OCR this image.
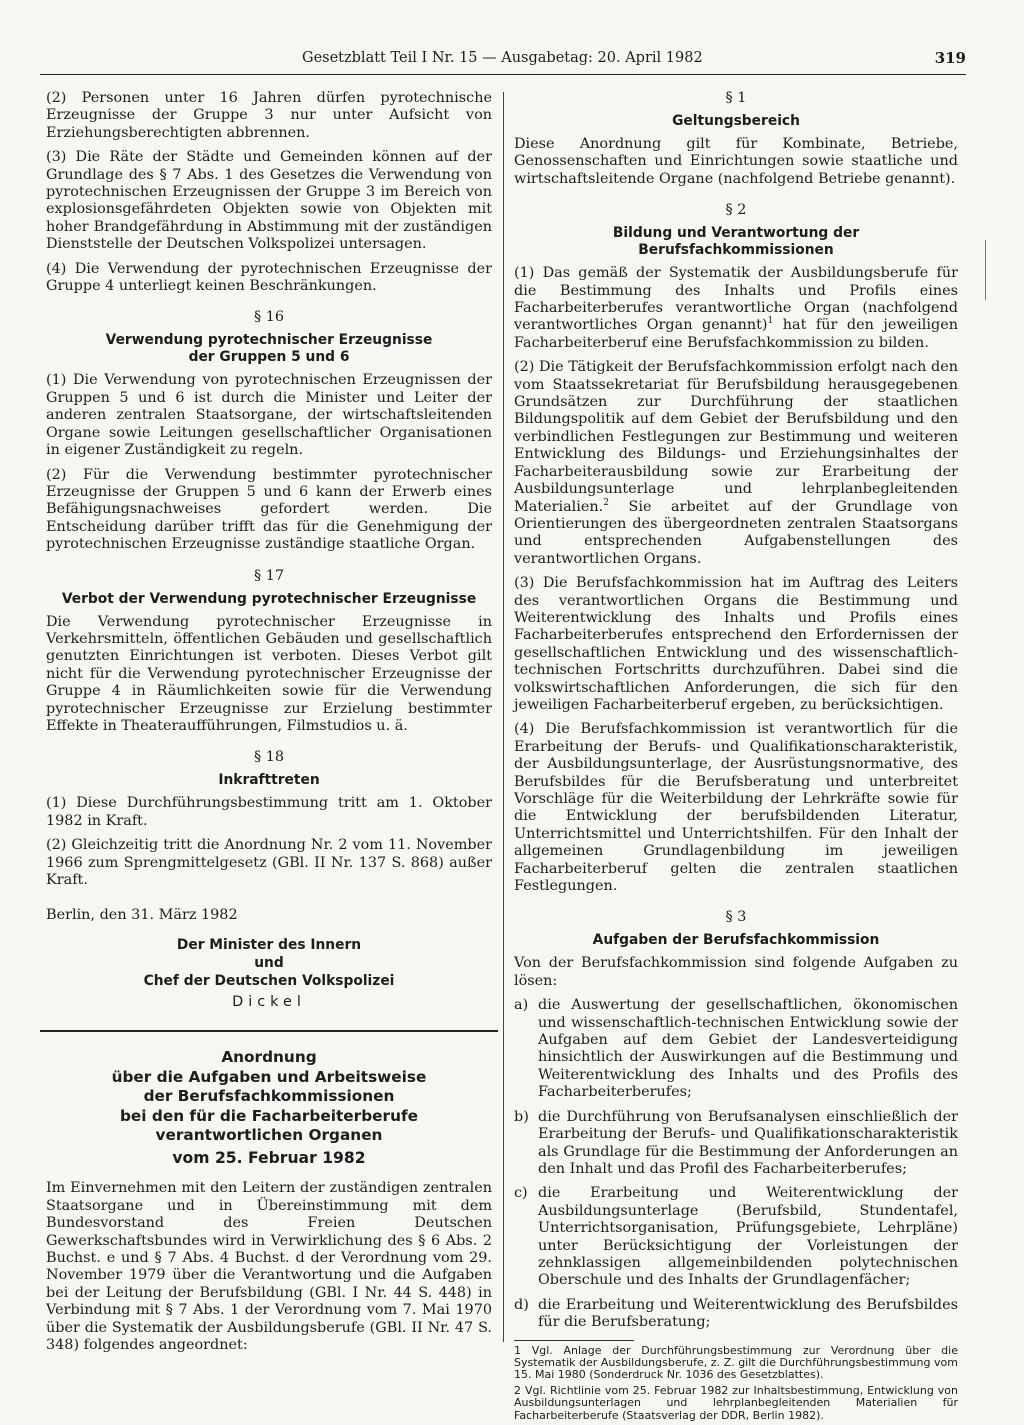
Gesetzblatt Teil I Nr. 15 — Ausgabetag: 20. April 1982	319

(2) Personen unter 16 Jahren dürfen pyrotechnische Erzeugnisse der Gruppe 3 nur unter Aufsicht von Erziehungsberechtigten abbrennen.

(3) Die Räte der Städte und Gemeinden können auf der Grundlage des § 7 Abs. 1 des Gesetzes die Verwendung von pyrotechnischen Erzeugnissen der Gruppe 3 im Bereich von explosionsgefährdeten Objekten sowie von Objekten mit hoher Brandgefährdung in Abstimmung mit der zuständigen Dienststelle der Deutschen Volkspolizei untersagen.

(4) Die Verwendung der pyrotechnischen Erzeugnisse der Gruppe 4 unterliegt keinen Beschränkungen.

§ 16
Verwendung pyrotechnischer Erzeugnisse
der Gruppen 5 und 6

(1) Die Verwendung von pyrotechnischen Erzeugnissen der Gruppen 5 und 6 ist durch die Minister und Leiter der anderen zentralen Staatsorgane, der wirtschaftsleitenden Organe sowie Leitungen gesellschaftlicher Organisationen in eigener Zuständigkeit zu regeln.

(2) Für die Verwendung bestimmter pyrotechnischer Erzeugnisse der Gruppen 5 und 6 kann der Erwerb eines Befähigungsnachweises gefordert werden. Die Entscheidung darüber trifft das für die Genehmigung der pyrotechnischen Erzeugnisse zuständige staatliche Organ.

§ 17
Verbot der Verwendung pyrotechnischer Erzeugnisse

Die Verwendung pyrotechnischer Erzeugnisse in Verkehrsmitteln, öffentlichen Gebäuden und gesellschaftlich genutzten Einrichtungen ist verboten. Dieses Verbot gilt nicht für die Verwendung pyrotechnischer Erzeugnisse der Gruppe 4 in Räumlichkeiten sowie für die Verwendung pyrotechnischer Erzeugnisse zur Erzielung bestimmter Effekte in Theateraufführungen, Filmstudios u. ä.

§ 18
Inkrafttreten

(1) Diese Durchführungsbestimmung tritt am 1. Oktober 1982 in Kraft.

(2) Gleichzeitig tritt die Anordnung Nr. 2 vom 11. November 1966 zum Sprengmittelgesetz (GBl. II Nr. 137 S. 868) außer Kraft.

Berlin, den 31. März 1982
Der Minister des Innern
und
Chef der Deutschen Volkspolizei
Dickel
Anordnung
über die Aufgaben und Arbeitsweise
der Berufsfachkommissionen
bei den für die Facharbeiterberufe
verantwortlichen Organen
vom 25. Februar 1982

Im Einvernehmen mit den Leitern der zuständigen zentralen Staatsorgane und in Übereinstimmung mit dem Bundesvorstand des Freien Deutschen Gewerkschaftsbundes wird in Verwirklichung des § 6 Abs. 2 Buchst. e und § 7 Abs. 4 Buchst. d der Verordnung vom 29. November 1979 über die Verantwortung und die Aufgaben bei der Leitung der Berufsbildung (GBl. I Nr. 44 S. 448) in Verbindung mit § 7 Abs. 1 der Verordnung vom 7. Mai 1970 über die Systematik der Ausbildungsberufe (GBl. II Nr. 47 S. 348) folgendes angeordnet:

§ 1
Geltungsbereich

Diese Anordnung gilt für Kombinate, Betriebe, Genossenschaften und Einrichtungen sowie staatliche und wirtschaftsleitende Organe (nachfolgend Betriebe genannt).

§ 2
Bildung und Verantwortung der Berufsfachkommissionen

(1) Das gemäß der Systematik der Ausbildungsberufe für die Bestimmung des Inhalts und Profils eines Facharbeiterberufes verantwortliche Organ (nachfolgend verantwortliches Organ genannt)$^1$ hat für den jeweiligen Facharbeiterberuf eine Berufsfachkommission zu bilden.

(2) Die Tätigkeit der Berufsfachkommission erfolgt nach den vom Staatssekretariat für Berufsbildung herausgegebenen Grundsätzen zur Durchführung der staatlichen Bildungspolitik auf dem Gebiet der Berufsbildung und den verbindlichen Festlegungen zur Bestimmung und weiteren Entwicklung des Bildungs- und Erziehungsinhaltes der Facharbeiterausbildung sowie zur Erarbeitung der Ausbildungsunterlage und lehrplanbegleitenden Materialien.$^2$ Sie arbeitet auf der Grundlage von Orientierungen des übergeordneten zentralen Staatsorgans und entsprechenden Aufgabenstellungen des verantwortlichen Organs.

(3) Die Berufsfachkommission hat im Auftrag des Leiters des verantwortlichen Organs die Bestimmung und Weiterentwicklung des Inhalts und Profils eines Facharbeiterberufes entsprechend den Erfordernissen der gesellschaftlichen Entwicklung und des wissenschaftlich-technischen Fortschritts durchzuführen. Dabei sind die volkswirtschaftlichen Anforderungen, die sich für den jeweiligen Facharbeiterberuf ergeben, zu berücksichtigen.

(4) Die Berufsfachkommission ist verantwortlich für die Erarbeitung der Berufs- und Qualifikationscharakteristik, der Ausbildungsunterlage, der Ausrüstungsnormative, des Berufsbildes für die Berufsberatung und unterbreitet Vorschläge für die Weiterbildung der Lehrkräfte sowie für die Entwicklung der berufsbildenden Literatur, Unterrichtsmittel und Unterrichtshilfen. Für den Inhalt der allgemeinen Grundlagenbildung im jeweiligen Facharbeiterberuf gelten die zentralen staatlichen Festlegungen.

§ 3
Aufgaben der Berufsfachkommission

Von der Berufsfachkommission sind folgende Aufgaben zu lösen:

a) die Auswertung der gesellschaftlichen, ökonomischen und wissenschaftlich-technischen Entwicklung sowie der Aufgaben auf dem Gebiet der Landesverteidigung hinsichtlich der Auswirkungen auf die Bestimmung und Weiterentwicklung des Inhalts und des Profils des Facharbeiterberufes;
b) die Durchführung von Berufsanalysen einschließlich der Erarbeitung der Berufs- und Qualifikationscharakteristik als Grundlage für die Bestimmung der Anforderungen an den Inhalt und das Profil des Facharbeiterberufes;
c) die Erarbeitung und Weiterentwicklung der Ausbildungsunterlage (Berufsbild, Stundentafel, Unterrichtsorganisation, Prüfungsgebiete, Lehrpläne) unter Berücksichtigung der Vorleistungen der zehnklassigen allgemeinbildenden polytechnischen Oberschule und des Inhalts der Grundlagenfächer;
d) die Erarbeitung und Weiterentwicklung des Berufsbildes für die Berufsberatung;

1 Vgl. Anlage der Durchführungsbestimmung zur Verordnung über die Systematik der Ausbildungsberufe, z. Z. gilt die Durchführungsbestimmung vom 15. Mai 1980 (Sonderdruck Nr. 1036 des Gesetzblattes).

2 Vgl. Richtlinie vom 25. Februar 1982 zur Inhaltsbestimmung, Entwicklung von Ausbildungsunterlagen und lehrplanbegleitenden Materialien für Facharbeiterberufe (Staatsverlag der DDR, Berlin 1982).
